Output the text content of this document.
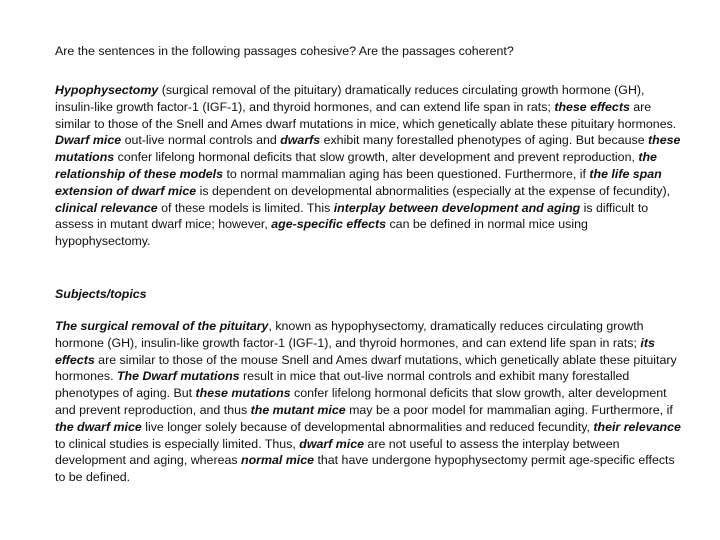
Are the sentences in the following passages cohesive? Are the passages coherent?

Hypophysectomy (surgical removal of the pituitary) dramatically reduces circulating growth hormone (GH), insulin-like growth factor-1 (IGF-1), and thyroid hormones, and can extend life span in rats; these effects are similar to those of the Snell and Ames dwarf mutations in mice, which genetically ablate these pituitary hormones. Dwarf mice out-live normal controls and dwarfs exhibit many forestalled phenotypes of aging. But because these mutations confer lifelong hormonal deficits that slow growth, alter development and prevent reproduction, the relationship of these models to normal mammalian aging has been questioned. Furthermore, if the life span extension of dwarf mice is dependent on developmental abnormalities (especially at the expense of fecundity), clinical relevance of these models is limited. This interplay between development and aging is difficult to assess in mutant dwarf mice; however, age-specific effects can be defined in normal mice using hypophysectomy.

Subjects/topics

The surgical removal of the pituitary, known as hypophysectomy, dramatically reduces circulating growth hormone (GH), insulin-like growth factor-1 (IGF-1), and thyroid hormones, and can extend life span in rats; its effects are similar to those of the mouse Snell and Ames dwarf mutations, which genetically ablate these pituitary hormones. The Dwarf mutations result in mice that out-live normal controls and exhibit many forestalled phenotypes of aging. But these mutations confer lifelong hormonal deficits that slow growth, alter development and prevent reproduction, and thus the mutant mice may be a poor model for mammalian aging. Furthermore, if the dwarf mice live longer solely because of developmental abnormalities and reduced fecundity, their relevance to clinical studies is especially limited. Thus, dwarf mice are not useful to assess the interplay between development and aging, whereas normal mice that have undergone hypophysectomy permit age-specific effects to be defined.
